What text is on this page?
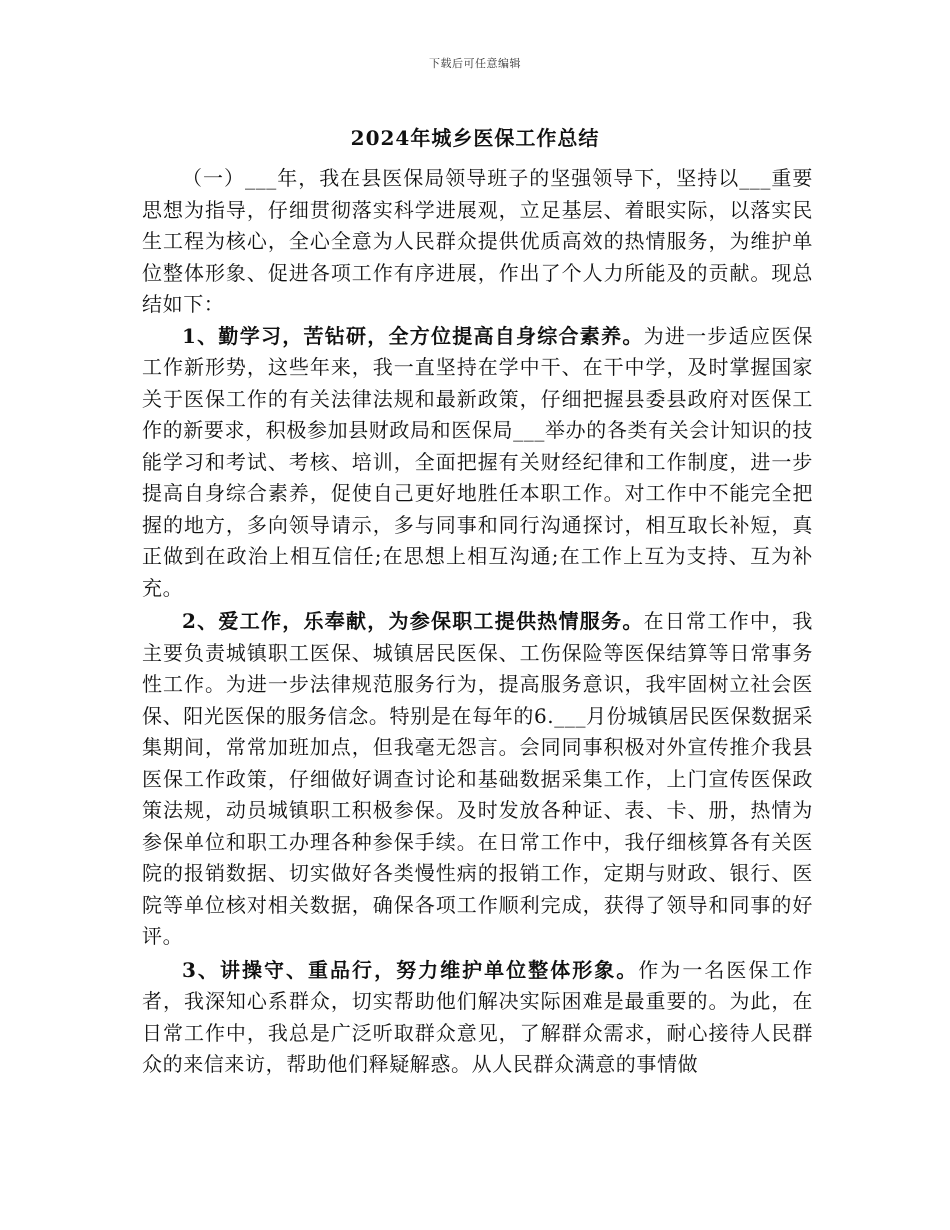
下载后可任意编辑
2024年城乡医保工作总结

（一）___年，我在县医保局领导班子的坚强领导下，坚持以___重要思想为指导，仔细贯彻落实科学进展观，立足基层、着眼实际，以落实民生工程为核心，全心全意为人民群众提供优质高效的热情服务，为维护单位整体形象、促进各项工作有序进展，作出了个人力所能及的贡献。现总结如下：

1、勤学习，苦钻研，全方位提高自身综合素养。为进一步适应医保工作新形势，这些年来，我一直坚持在学中干、在干中学，及时掌握国家关于医保工作的有关法律法规和最新政策，仔细把握县委县政府对医保工作的新要求，积极参加县财政局和医保局___举办的各类有关会计知识的技能学习和考试、考核、培训，全面把握有关财经纪律和工作制度，进一步提高自身综合素养，促使自己更好地胜任本职工作。对工作中不能完全把握的地方，多向领导请示，多与同事和同行沟通探讨，相互取长补短，真正做到在政治上相互信任;在思想上相互沟通;在工作上互为支持、互为补充。

2、爱工作，乐奉献，为参保职工提供热情服务。在日常工作中，我主要负责城镇职工医保、城镇居民医保、工伤保险等医保结算等日常事务性工作。为进一步法律规范服务行为，提高服务意识，我牢固树立社会医保、阳光医保的服务信念。特别是在每年的6.___月份城镇居民医保数据采集期间，常常加班加点，但我毫无怨言。会同同事积极对外宣传推介我县医保工作政策，仔细做好调查讨论和基础数据采集工作，上门宣传医保政策法规，动员城镇职工积极参保。及时发放各种证、表、卡、册，热情为参保单位和职工办理各种参保手续。在日常工作中，我仔细核算各有关医院的报销数据、切实做好各类慢性病的报销工作，定期与财政、银行、医院等单位核对相关数据，确保各项工作顺利完成，获得了领导和同事的好评。

3、讲操守、重品行，努力维护单位整体形象。作为一名医保工作者，我深知心系群众，切实帮助他们解决实际困难是最重要的。为此，在日常工作中，我总是广泛听取群众意见，了解群众需求，耐心接待人民群众的来信来访，帮助他们释疑解惑。从人民群众满意的事情做
